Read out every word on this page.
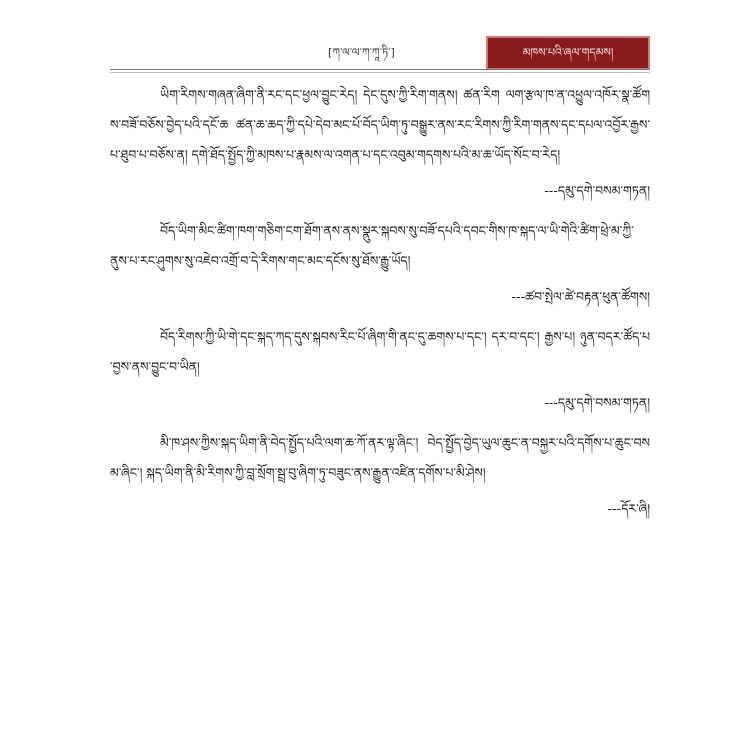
[ཀ་ལ་ལ་ཀ་ཀཱ་ཏི་]	མཁས་པའི་ཞལ་གདམས།

ཡིག་རིགས་གཞན་ཞིག་ནི་རང་དང་ཕྱལ་བྱུང་རེད། དེང་དུས་ཀྱི་རིག་གནས། ཚན་རིག ལག་རྩལ་ཁ་ན་འཕྱུལ་འཁོར་སྣ་ཚོགས་བཟོ་བཅོས་བྱེད་པའི་དངོ་ཆ ཚན་ཆ་ཆད་ཀྱི་དཔེ་དེབ་མང་པོ་བོད་ཡིག་ཏུ་བསྒྱུར་ནས་རང་རིགས་ཀྱི་རིག་གནས་དང་དཔལ་འབྱོར་རྒྱས་པ་ཐུབ་པ་བཅོས་ན། དགེ་ཐོད་སྤྱོད་ཀྱི་མཁས་པ་རྣམས་ལ་འགན་པ་དང་འབུམ་གདགས་པའི་མ་ཆ་ཡོད་སོང་བ་རེད།

---དམུ་དགེ་བསམ་གཏན།

བོད་ཡིག་མིང་ཚིག་ཁག་གཅིག་ངག་ཐོག་ནས་ནས་སྣུར་སྐབས་སུ་བཟོ་དཔའི་དབང་གིས་ཁ་སྐད་ལ་ཡི་གེའི་ཚིག་ཕྲེ་མ་ཀྱི་ནུས་པ་རང་ཤུགས་སུ་འཇེབ་འགྲོ་བ་དེ་རིགས་གང་མང་དངོས་སུ་ཐོས་རྒྱུ་ཡོད།

---ཚབ་སྤེལ་ཚེ་བརྟན་ཕུན་ཚོགས།

བོད་རིགས་ཀྱི་ཡི་གེ་དང་སྐད་ཀད་དུས་སྐབས་རིང་པོ་ཞིག་གི་ནང་དུ་ཆགས་པ་དང་། དར་བ་དང་། རྒྱས་པ། ཉུན་བདར་ཚོད་པ་བྱས་ནས་བྱུང་བ་ཡིན།

---དམུ་དགེ་བསམ་གཏན།

མི་ཁ་ཤས་ཀྱིས་སྐད་ཡིག་ནི་བེད་སྤྱོད་པའི་ལག་ཆ་ཀོ་ནར་ལྟ་ཞིང་། བེད་སྤྱོད་བྱེད་ཡུལ་ཆུང་ན་བསྐྱར་པའི་དགོས་པ་ཆུང་བསམ་ཞིང་། སྐད་ཡིག་ནི་མི་རིགས་ཀྱི་བླ་སྲོག་སྦྲ་བུ་ཞིག་ཏུ་བཟུང་ནས་རྒྱུན་འཛིན་དགོས་པ་མི་ཤེས།

---དོར་ཞི།
